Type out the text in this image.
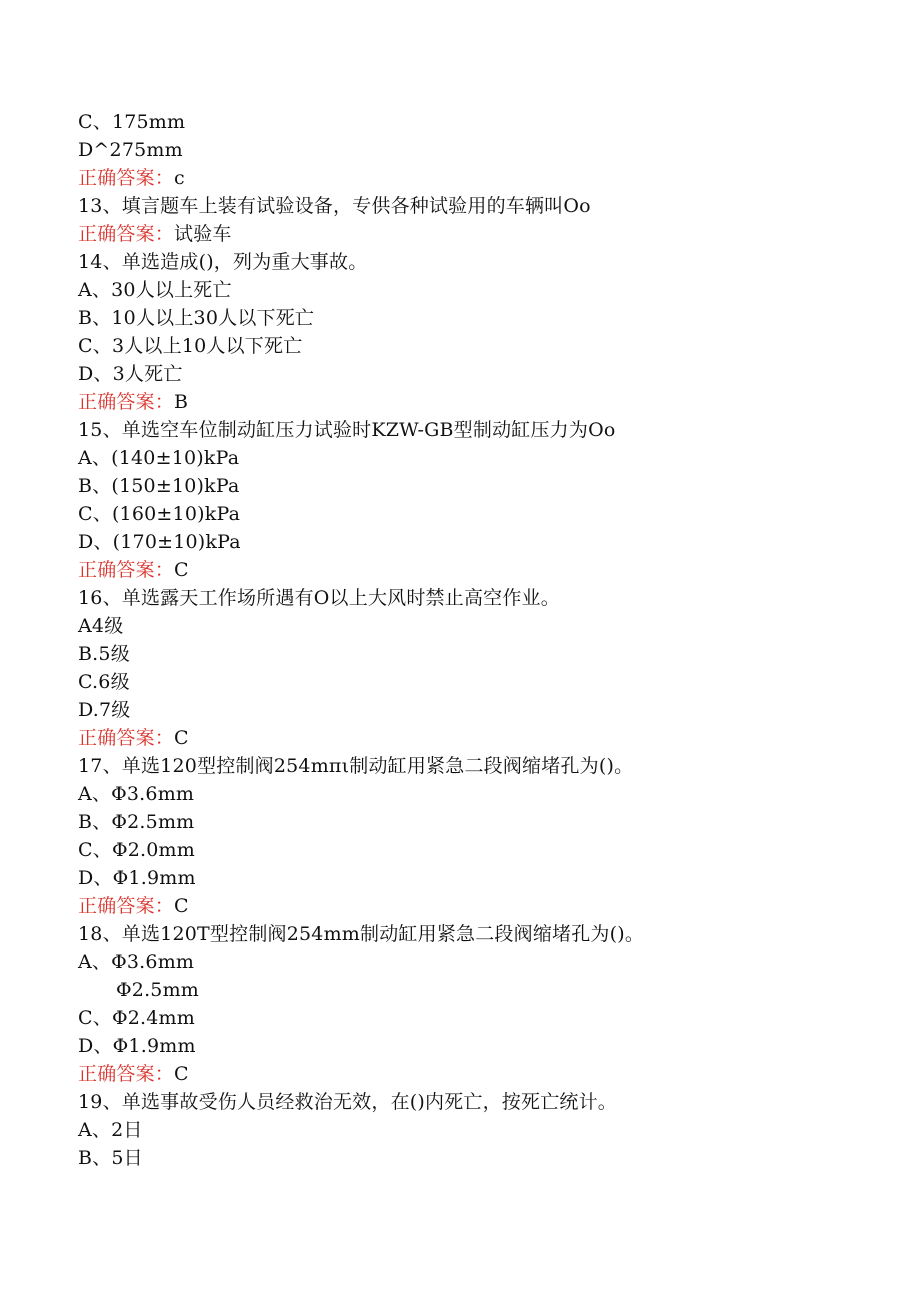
C、175mm
D^275mm
正确答案：c
13、填言题车上装有试验设备，专供各种试验用的车辆叫Oo
正确答案：试验车
14、单选造成()，列为重大事故。
A、30人以上死亡
B、10人以上30人以下死亡
C、3人以上10人以下死亡
D、3人死亡
正确答案：B
15、单选空车位制动缸压力试验时KZW-GB型制动缸压力为Oo
A、(140±10)kPa
B、(150±10)kPa
C、(160±10)kPa
D、(170±10)kPa
正确答案：C
16、单选露天工作场所遇有O以上大风时禁止高空作业。
A4级
B.5级
C.6级
D.7级
正确答案：C
17、单选120型控制阀254mπι制动缸用紧急二段阀缩堵孔为()。
A、Φ3.6mm
B、Φ2.5mm
C、Φ2.0mm
D、Φ1.9mm
正确答案：C
18、单选120T型控制阀254mm制动缸用紧急二段阀缩堵孔为()。
A、Φ3.6mm
Φ2.5mm
C、Φ2.4mm
D、Φ1.9mm
正确答案：C
19、单选事故受伤人员经救治无效，在()内死亡，按死亡统计。
A、2日
B、5日
